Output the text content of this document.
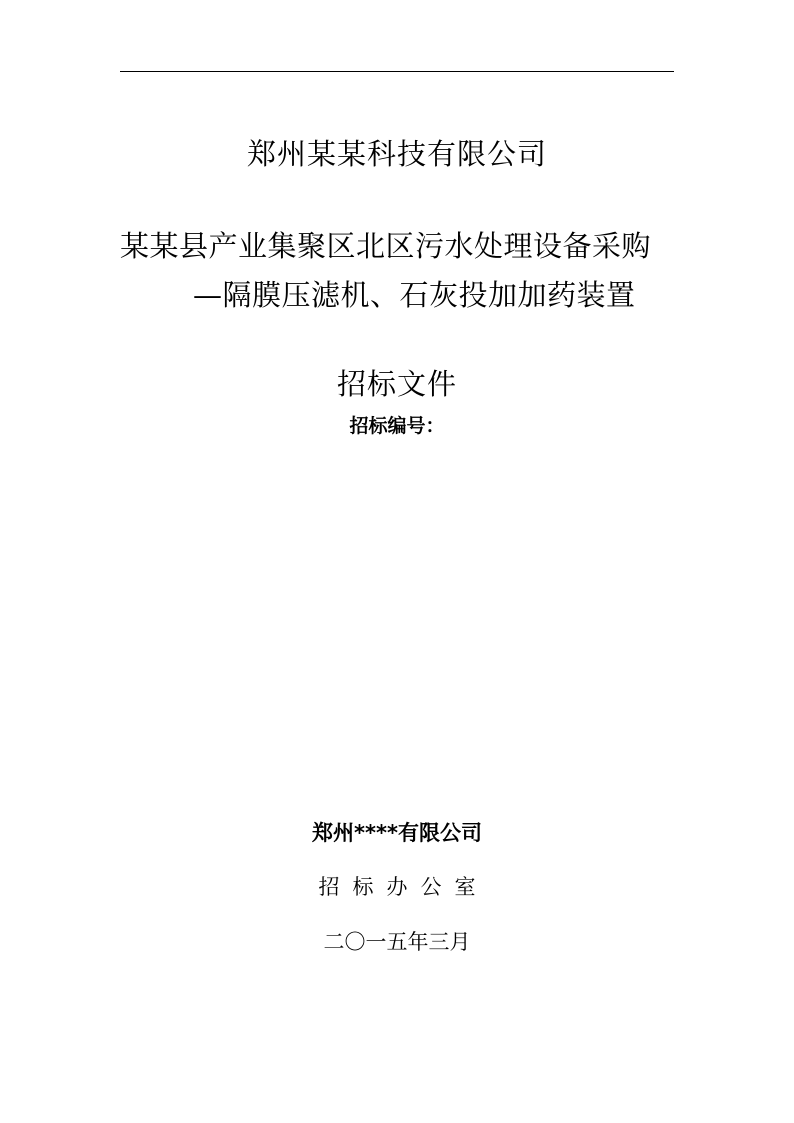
郑州某某科技有限公司
某某县产业集聚区北区污水处理设备采购
—隔膜压滤机、石灰投加加药装置
招标文件
招标编号：
郑州****有限公司
招标办公室
二〇一五年三月
